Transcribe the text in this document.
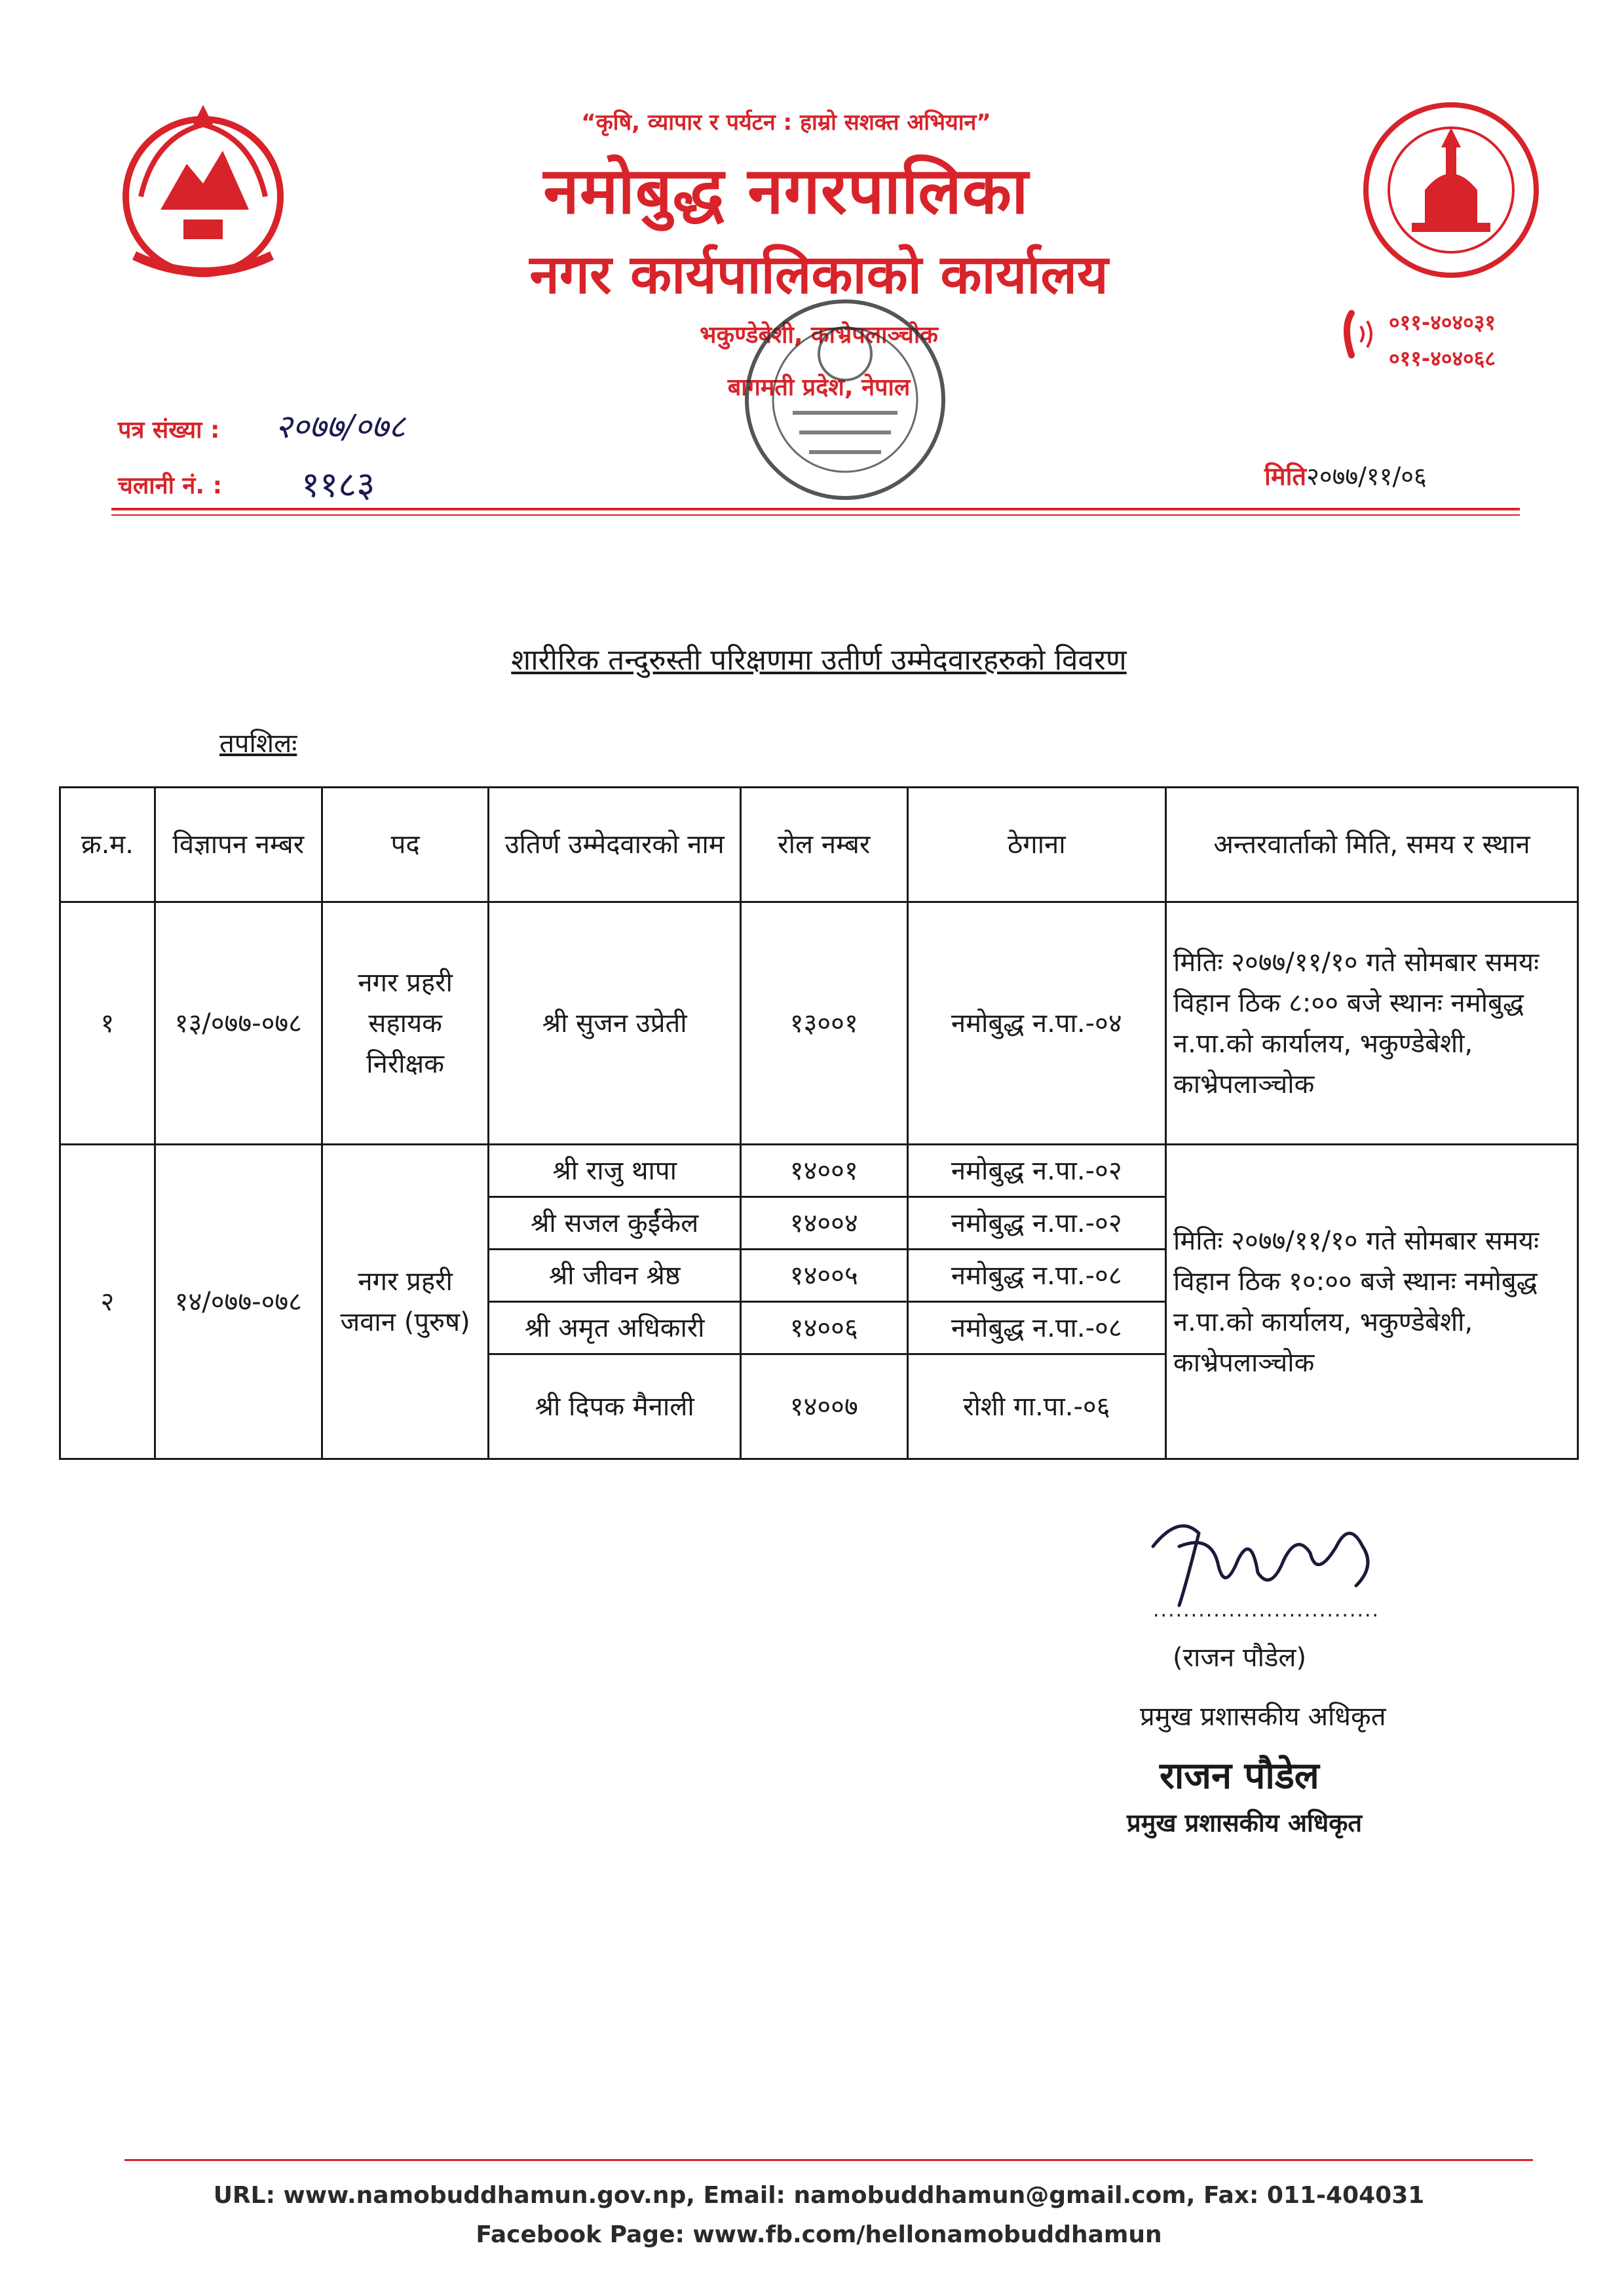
“कृषि, व्यापार र पर्यटन : हाम्रो सशक्त अभियान”
नमोबुद्ध नगरपालिका
नगर कार्यपालिकाको कार्यालय
भकुण्डेबेशी, काभ्रेपलाञ्चोक
बागमती प्रदेश, नेपाल
०११-४०४०३१
०११-४०४०६८
पत्र संख्या : २०७७/०७८
चलानी नं. : ११८३	मिति२०७७/११/०६
शारीरिक तन्दुरुस्ती परिक्षणमा उतीर्ण उम्मेदवारहरुको विवरण
तपशिलः
क्र.म.	विज्ञापन नम्बर	पद	उतिर्ण उम्मेदवारको नाम	रोल नम्बर	ठेगाना	अन्तरवार्ताको मिति, समय र स्थान
१	१३/०७७-०७८	नगर प्रहरी सहायक निरीक्षक	श्री सुजन उप्रेती	१३००१	नमोबुद्ध न.पा.-०४	मितिः २०७७/११/१० गते सोमबार समयः विहान ठिक ८:०० बजे स्थानः नमोबुद्ध न.पा.को कार्यालय, भकुण्डेबेशी, काभ्रेपलाञ्चोक
२	१४/०७७-०७८	नगर प्रहरी जवान (पुरुष)	श्री राजु थापा	१४००१	नमोबुद्ध न.पा.-०२	मितिः २०७७/११/१० गते सोमबार समयः विहान ठिक १०:०० बजे स्थानः नमोबुद्ध न.पा.को कार्यालय, भकुण्डेबेशी, काभ्रेपलाञ्चोक
			श्री सजल कुईंकेल	१४००४	नमोबुद्ध न.पा.-०२	
			श्री जीवन श्रेष्ठ	१४००५	नमोबुद्ध न.पा.-०८	
			श्री अमृत अधिकारी	१४००६	नमोबुद्ध न.पा.-०८	
			श्री दिपक मैनाली	१४००७	रोशी गा.पा.-०६	
..............................
(राजन पौडेल)
प्रमुख प्रशासकीय अधिकृत
राजन पौडेल
प्रमुख प्रशासकीय अधिकृत
URL: www.namobuddhamun.gov.np, Email: namobuddhamun@gmail.com, Fax: 011-404031
Facebook Page: www.fb.com/hellonamobuddhamun
